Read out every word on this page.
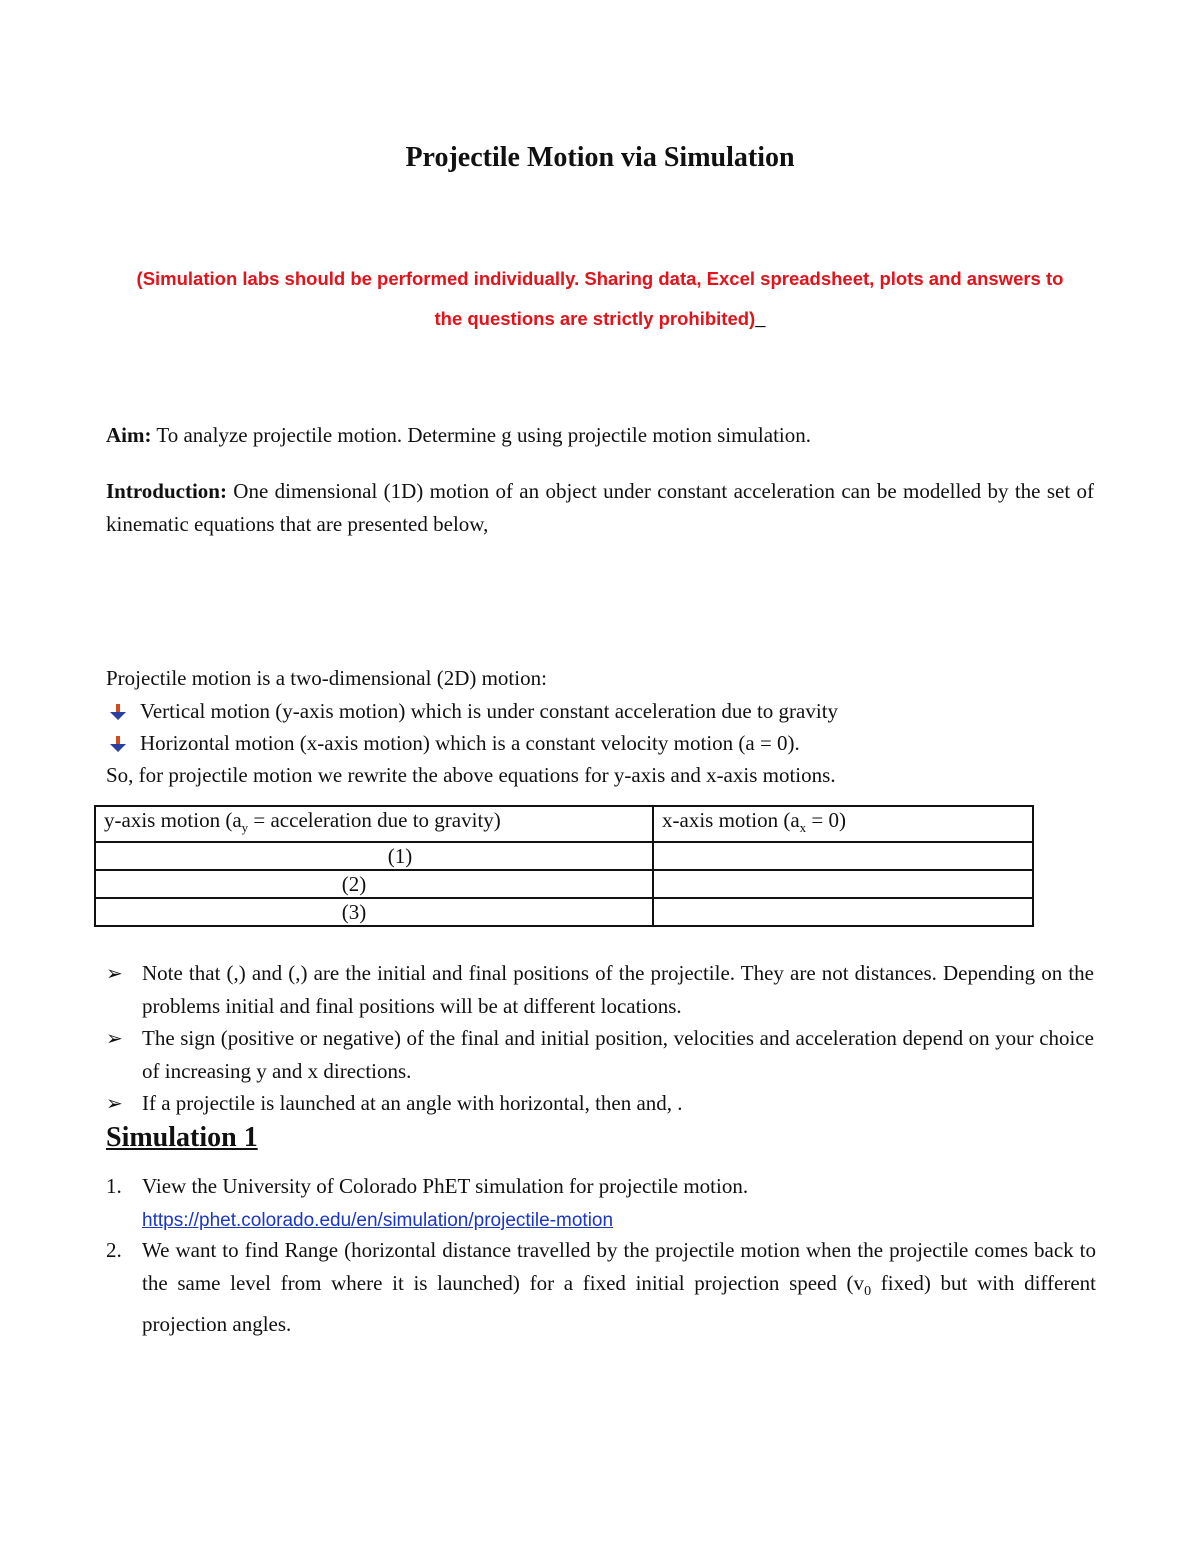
Projectile Motion via Simulation
(Simulation labs should be performed individually. Sharing data, Excel spreadsheet, plots and answers to
the questions are strictly prohibited)_
Aim: To analyze projectile motion. Determine g using projectile motion simulation.
Introduction: One dimensional (1D) motion of an object under constant acceleration can be modelled by the set of kinematic equations that are presented below,
Projectile motion is a two-dimensional (2D) motion:
Vertical motion (y-axis motion) which is under constant acceleration due to gravity
Horizontal motion (x-axis motion) which is a constant velocity motion (a = 0).
So, for projectile motion we rewrite the above equations for y-axis and x-axis motions.
y-axis motion ($a_y$ = acceleration due to gravity)	x-axis motion $(a_x = 0)$
(1)	
(2)	
(3)	
➢ Note that (,) and (,) are the initial and final positions of the projectile. They are not distances. Depending on the problems initial and final positions will be at different locations.
➢ The sign (positive or negative) of the final and initial position, velocities and acceleration depend on your choice of increasing y and x directions.
➢ If a projectile is launched at an angle with horizontal, then and, .
Simulation 1
1. View the University of Colorado PhET simulation for projectile motion.
https://phet.colorado.edu/en/simulation/projectile-motion
2. We want to find Range (horizontal distance travelled by the projectile motion when the projectile comes back to the same level from where it is launched) for a fixed initial projection speed ($v_0$ fixed) but with different projection angles.
